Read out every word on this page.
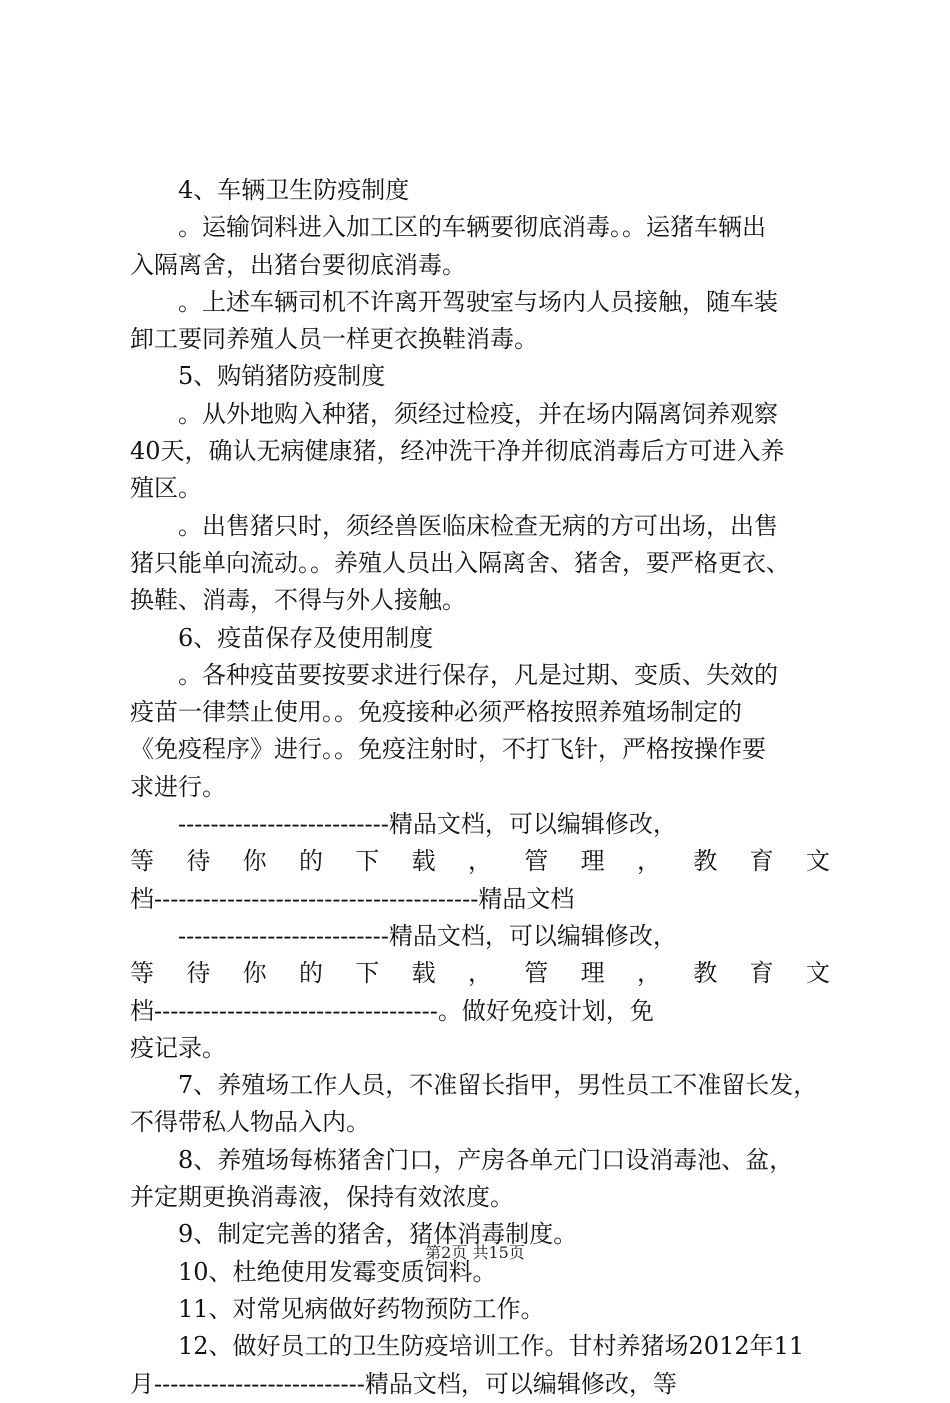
4、车辆卫生防疫制度
。运输饲料进入加工区的车辆要彻底消毒。。运猪车辆出
入隔离舍，出猪台要彻底消毒。
。上述车辆司机不许离开驾驶室与场内人员接触，随车装
卸工要同养殖人员一样更衣换鞋消毒。
5、购销猪防疫制度
。从外地购入种猪，须经过检疫，并在场内隔离饲养观察
40天，确认无病健康猪，经冲洗干净并彻底消毒后方可进入养
殖区。
。出售猪只时，须经兽医临床检查无病的方可出场，出售
猪只能单向流动。。养殖人员出入隔离舍、猪舍，要严格更衣、
换鞋、消毒，不得与外人接触。
6、疫苗保存及使用制度
。各种疫苗要按要求进行保存，凡是过期、变质、失效的
疫苗一律禁止使用。。免疫接种必须严格按照养殖场制定的
《免疫程序》进行。。免疫注射时，不打飞针，严格按操作要
求进行。
--------------------------精品文档，可以编辑修改，
等 待 你 的 下 载 ， 管 理 ， 教 育 文
档----------------------------------------精品文档
--------------------------精品文档，可以编辑修改，
等 待 你 的 下 载 ， 管 理 ， 教 育 文
档-----------------------------------。做好免疫计划，免
疫记录。
7、养殖场工作人员，不准留长指甲，男性员工不准留长发，
不得带私人物品入内。
8、养殖场每栋猪舍门口，产房各单元门口设消毒池、盆，
并定期更换消毒液，保持有效浓度。
9、制定完善的猪舍，猪体消毒制度。
10、杜绝使用发霉变质饲料。
11、对常见病做好药物预防工作。
12、做好员工的卫生防疫培训工作。甘村养猪场2012年11
月--------------------------精品文档，可以编辑修改，等
第2页 共15页
